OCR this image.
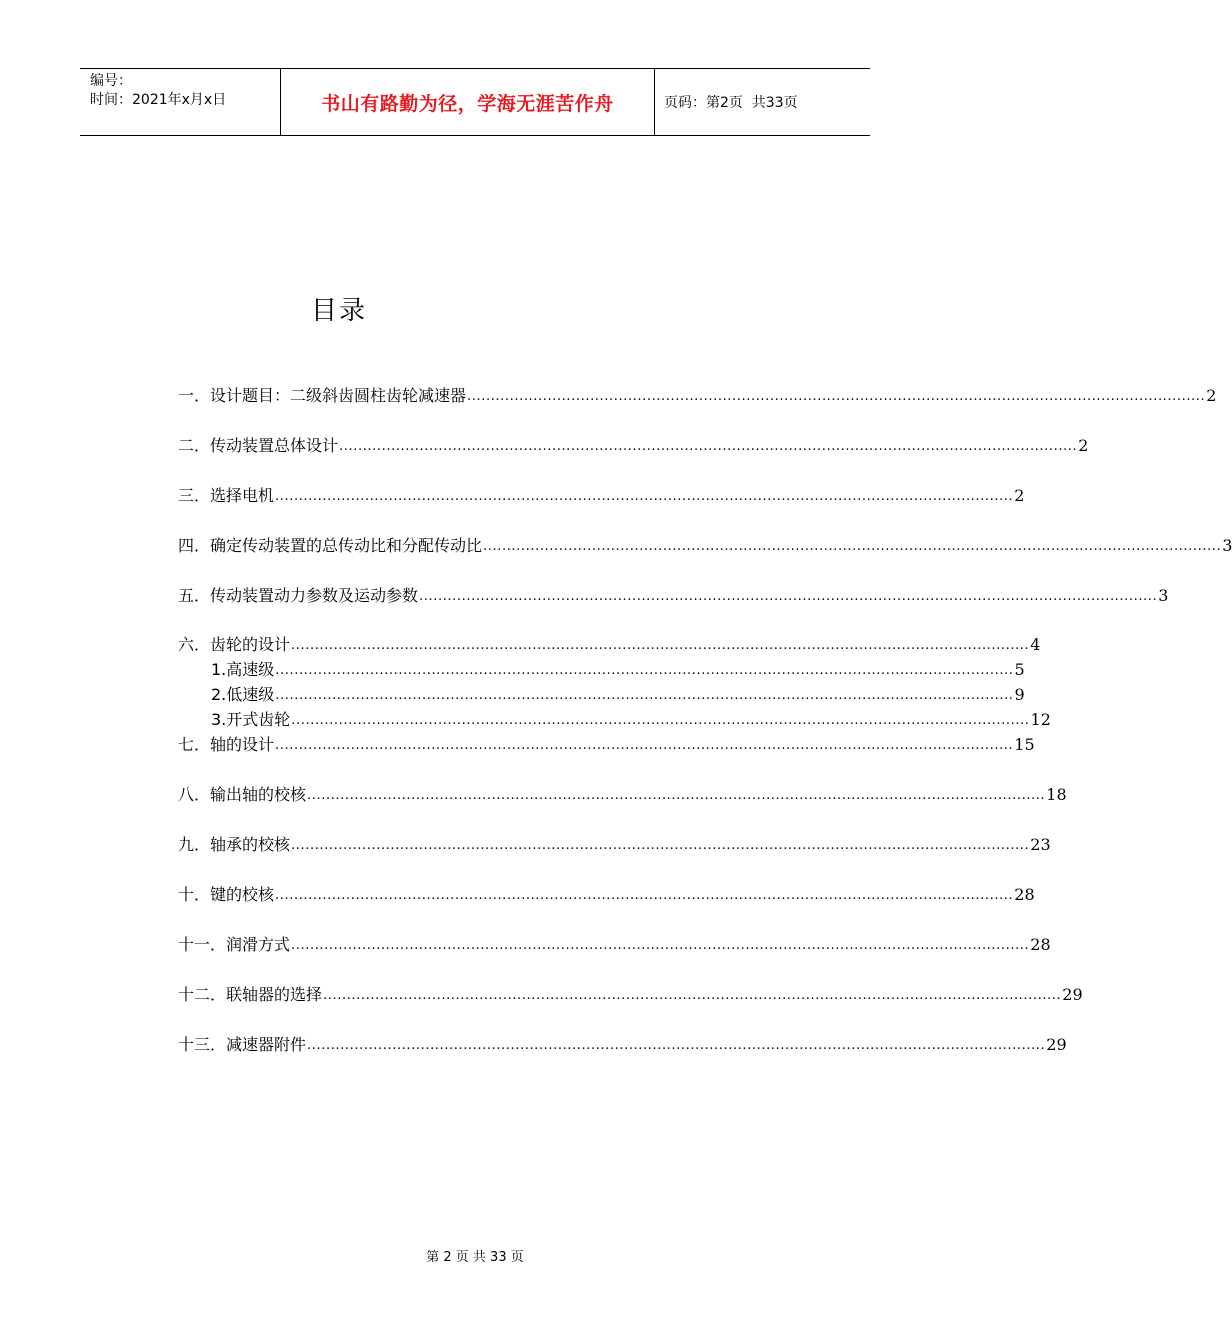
编号：
时间：2021年x月x日	书山有路勤为径，学海无涯苦作舟	页码：第2页  共33页
目录
一． 设计题目：二级斜齿圆柱齿轮减速器 ............................................................................................................................................................ 2
二． 传动装置总体设计 ............................................................................................................................................................ 2
三． 选择电机 ............................................................................................................................................................ 2
四． 确定传动装置的总传动比和分配传动比 ............................................................................................................................................................ 3
五． 传动装置动力参数及运动参数 ............................................................................................................................................................ 3
六． 齿轮的设计 ............................................................................................................................................................ 4
1. 高速级 ............................................................................................................................................................ 5
2. 低速级 ............................................................................................................................................................ 9
3. 开式齿轮 ............................................................................................................................................................ 12
七． 轴的设计 ............................................................................................................................................................ 15
八． 输出轴的校核 ............................................................................................................................................................ 18
九． 轴承的校核 ............................................................................................................................................................ 23
十． 键的校核 ............................................................................................................................................................ 28
十一． 润滑方式 ............................................................................................................................................................ 28
十二． 联轴器的选择 ............................................................................................................................................................ 29
十三． 减速器附件 ............................................................................................................................................................ 29
第 2 页 共 33 页
